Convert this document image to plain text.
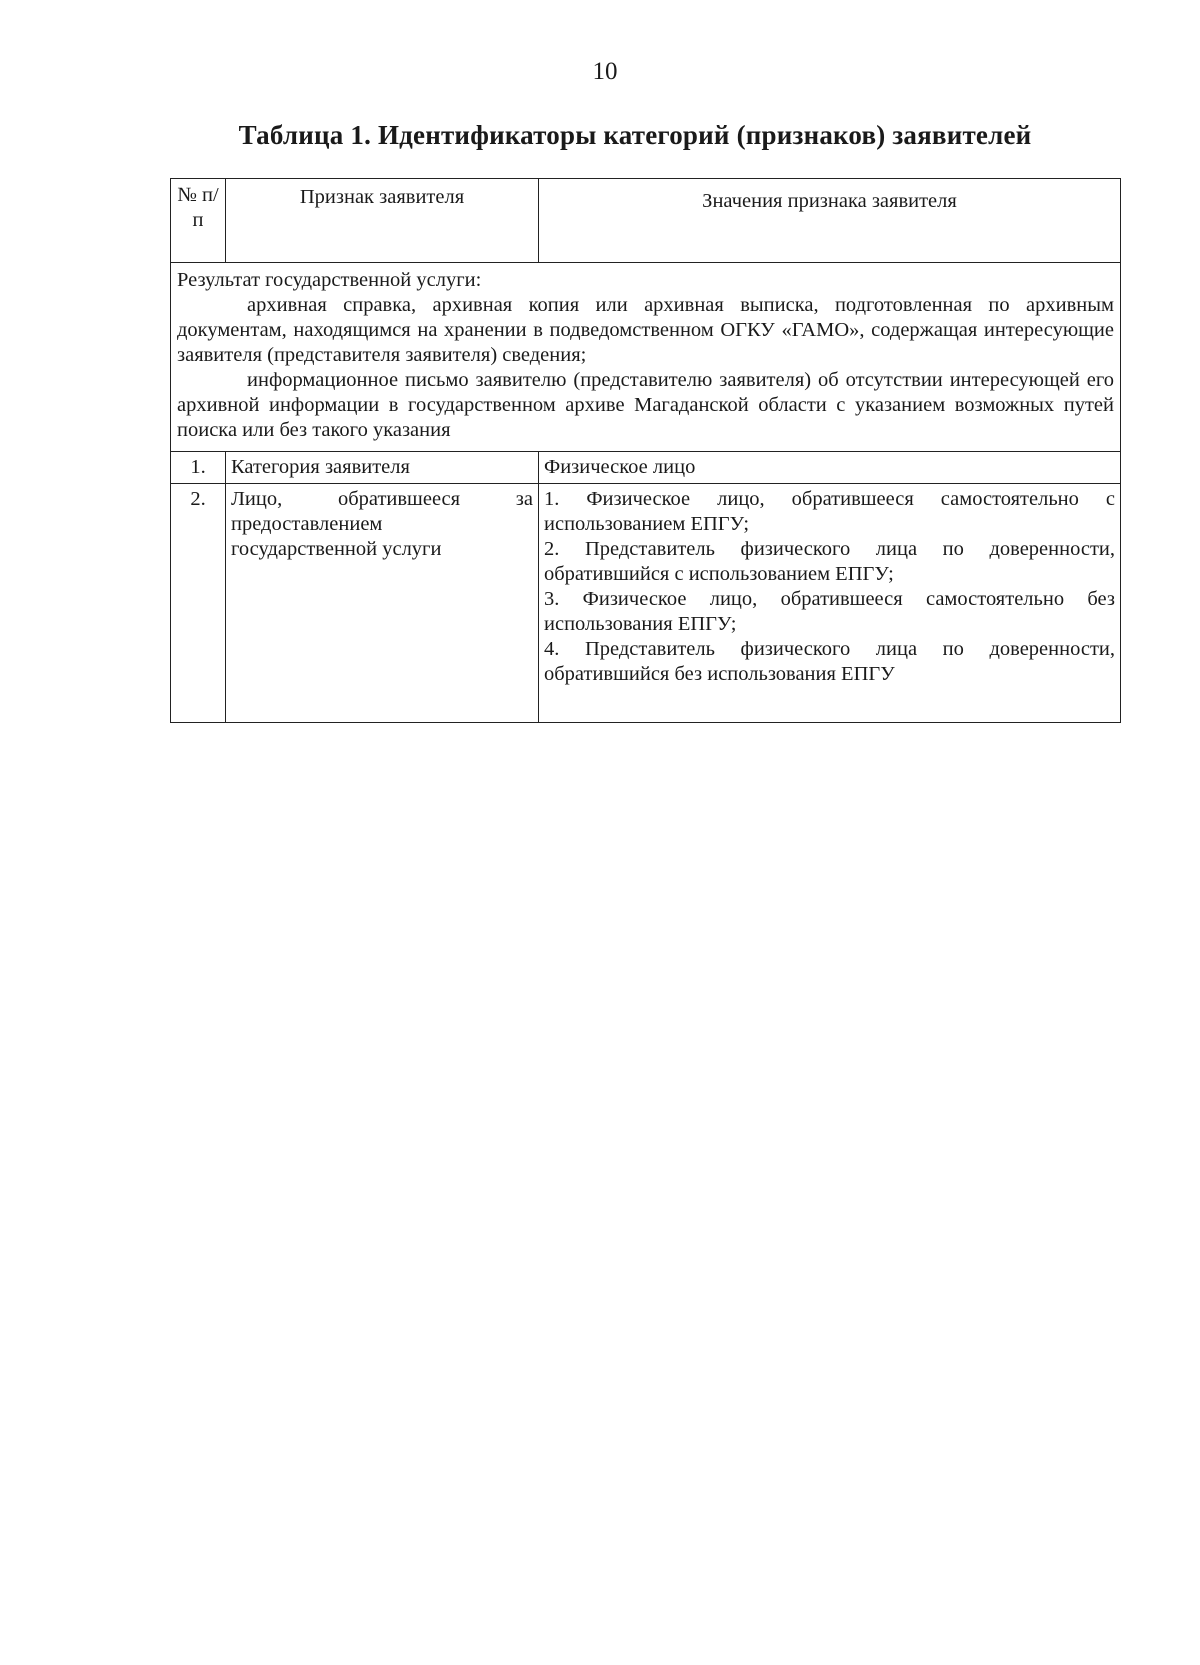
10
Таблица 1. Идентификаторы категорий (признаков) заявителей
№ п/п	Признак заявителя	Значения признака заявителя

Результат государственной услуги:
архивная справка, архивная копия или архивная выписка, подготовленная по архивным документам, находящимся на хранении в подведомственном ОГКУ «ГАМО», содержащая интересующие заявителя (представителя заявителя) сведения;
информационное письмо заявителю (представителю заявителя) об отсутствии интересующей его архивной информации в государственном архиве Магаданской области с указанием возможных путей поиска или без такого указания		

1.	Категория заявителя	Физическое лицо

2.	Лицо, обратившееся за предоставлением государственной услуги	1. Физическое лицо, обратившееся самостоятельно с использованием ЕПГУ;
2. Представитель физического лица по доверенности, обратившийся с использованием ЕПГУ;
3. Физическое лицо, обратившееся самостоятельно без использования ЕПГУ;
4. Представитель физического лица по доверенности, обратившийся без использования ЕПГУ
